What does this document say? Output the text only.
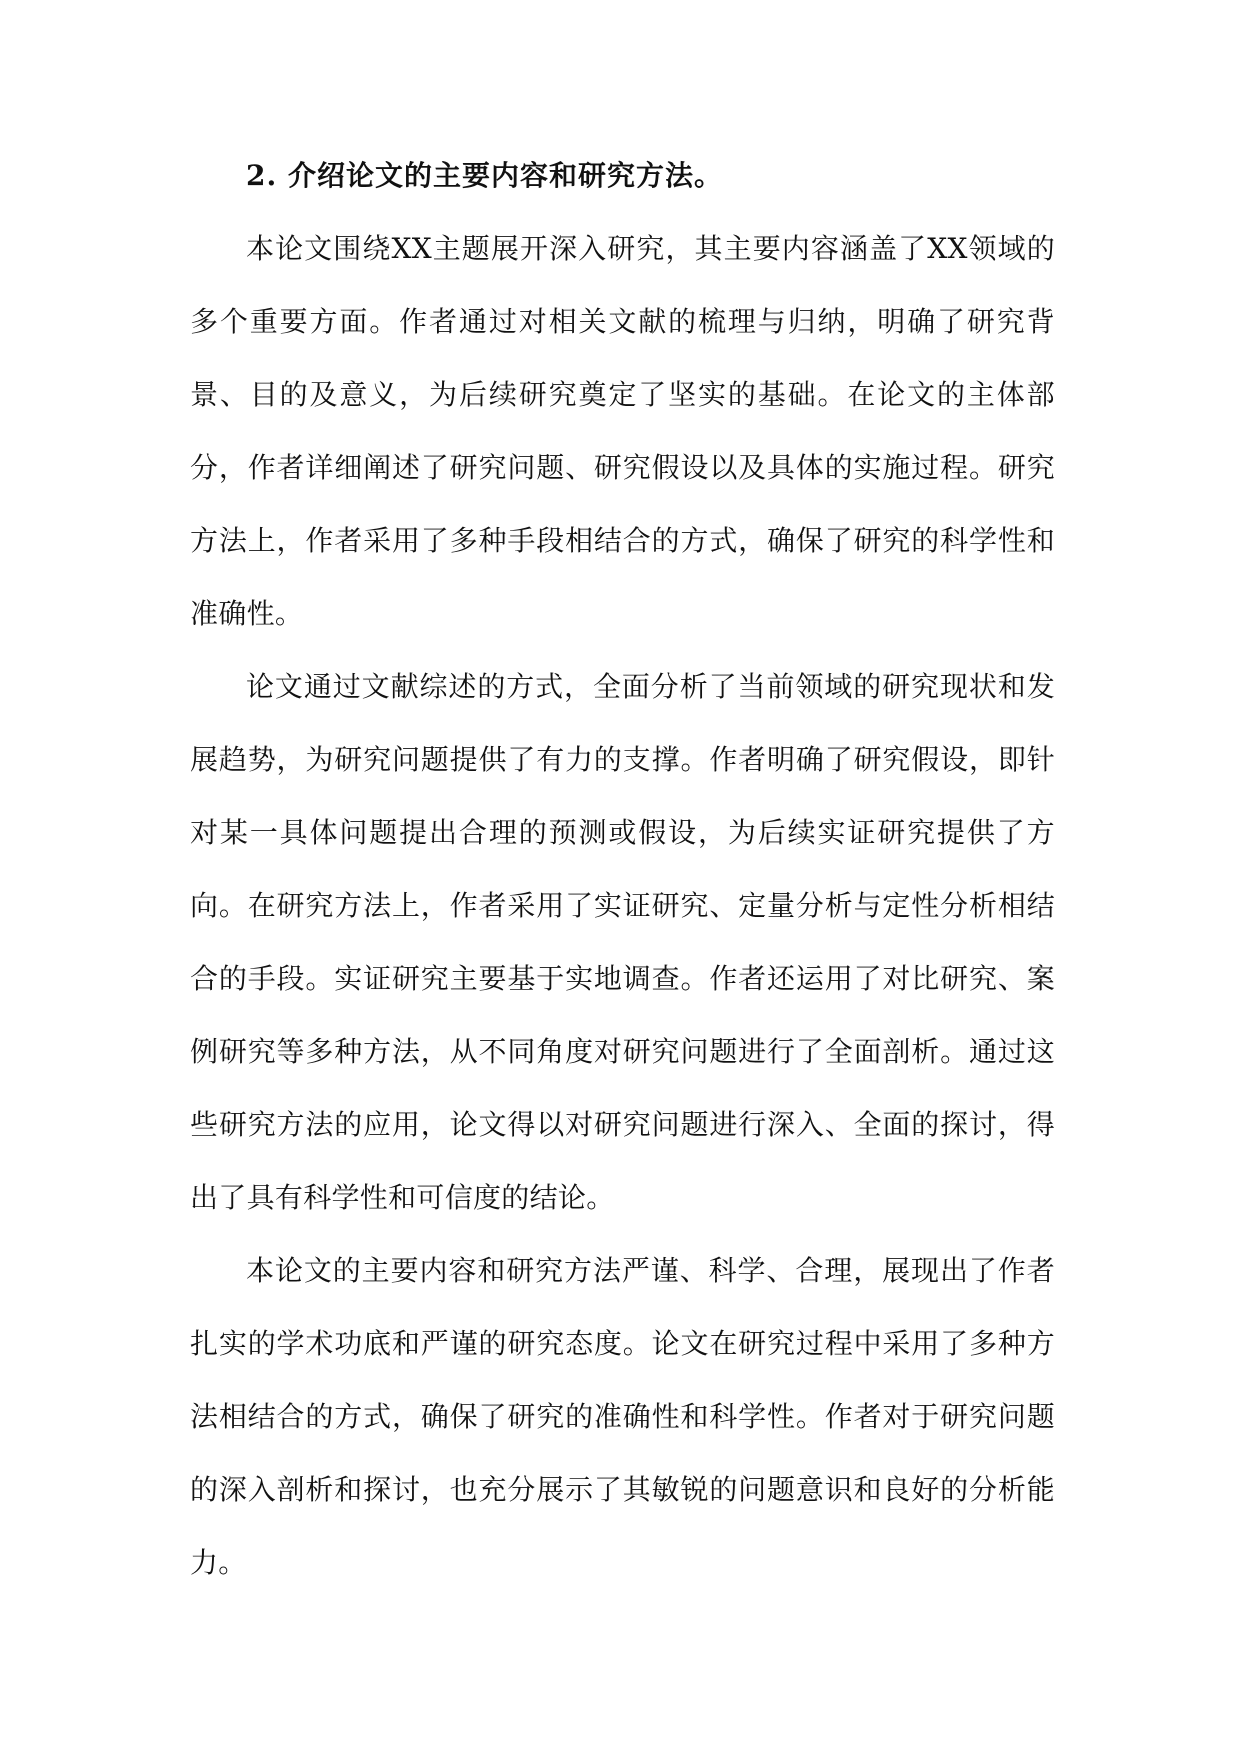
2. 介绍论文的主要内容和研究方法。

本论文围绕XX主题展开深入研究，其主要内容涵盖了XX领域的多个重要方面。作者通过对相关文献的梳理与归纳，明确了研究背景、目的及意义，为后续研究奠定了坚实的基础。在论文的主体部分，作者详细阐述了研究问题、研究假设以及具体的实施过程。研究方法上，作者采用了多种手段相结合的方式，确保了研究的科学性和准确性。

论文通过文献综述的方式，全面分析了当前领域的研究现状和发展趋势，为研究问题提供了有力的支撑。作者明确了研究假设，即针对某一具体问题提出合理的预测或假设，为后续实证研究提供了方向。在研究方法上，作者采用了实证研究、定量分析与定性分析相结合的手段。实证研究主要基于实地调查。作者还运用了对比研究、案例研究等多种方法，从不同角度对研究问题进行了全面剖析。通过这些研究方法的应用，论文得以对研究问题进行深入、全面的探讨，得出了具有科学性和可信度的结论。

本论文的主要内容和研究方法严谨、科学、合理，展现出了作者扎实的学术功底和严谨的研究态度。论文在研究过程中采用了多种方法相结合的方式，确保了研究的准确性和科学性。作者对于研究问题的深入剖析和探讨，也充分展示了其敏锐的问题意识和良好的分析能力。
